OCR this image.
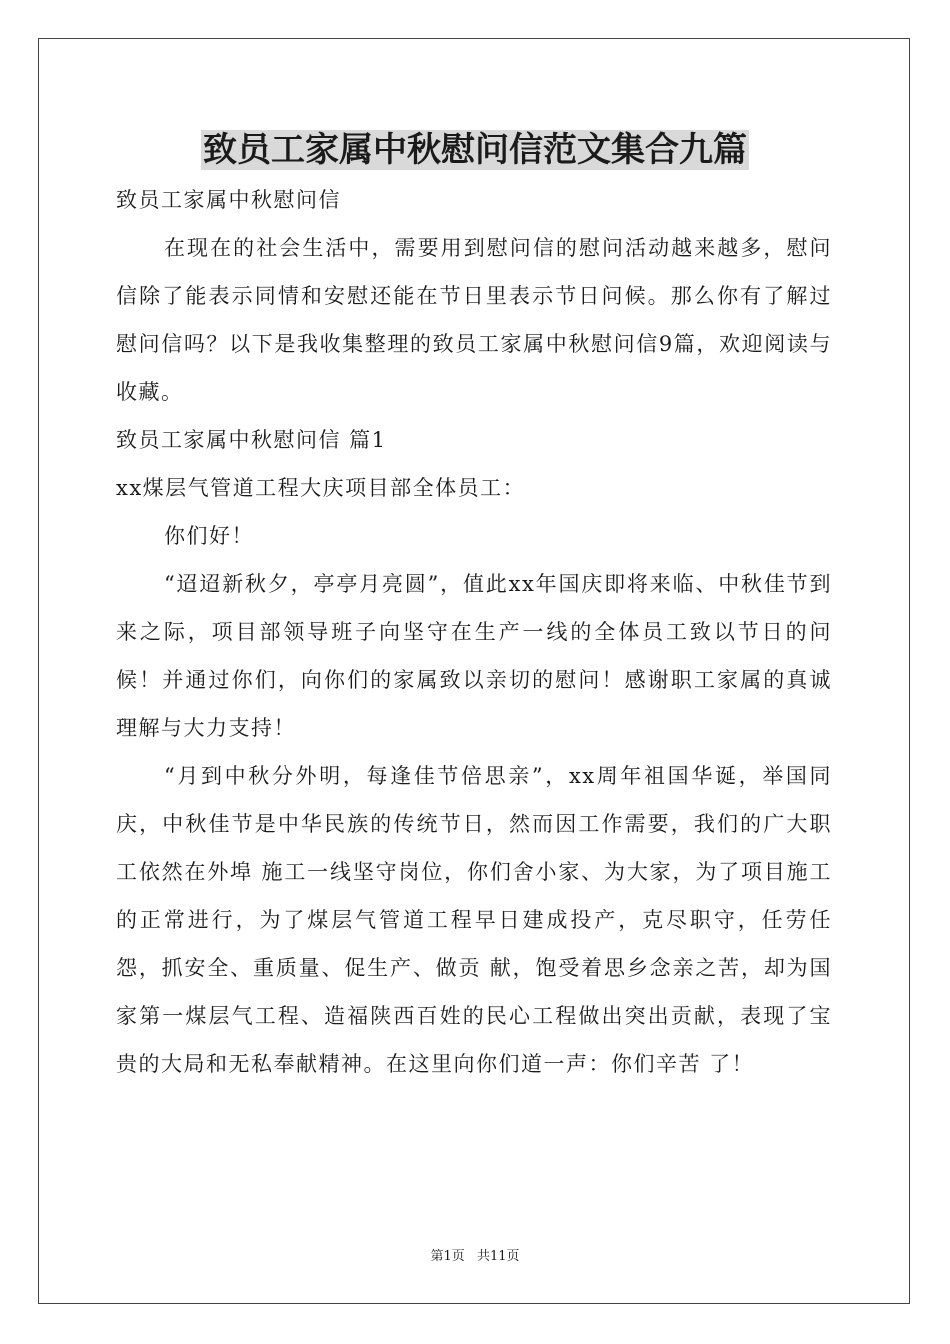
致员工家属中秋慰问信范文集合九篇

致员工家属中秋慰问信

在现在的社会生活中，需要用到慰问信的慰问活动越来越多，慰问信除了能表示同情和安慰还能在节日里表示节日问候。那么你有了解过慰问信吗？以下是我收集整理的致员工家属中秋慰问信9篇，欢迎阅读与收藏。

致员工家属中秋慰问信 篇1

xx煤层气管道工程大庆项目部全体员工：

你们好！

“迢迢新秋夕，亭亭月亮圆”，值此xx年国庆即将来临、中秋佳节到来之际，项目部领导班子向坚守在生产一线的全体员工致以节日的问候！并通过你们，向你们的家属致以亲切的慰问！感谢职工家属的真诚理解与大力支持！

“月到中秋分外明，每逢佳节倍思亲”，xx周年祖国华诞，举国同庆，中秋佳节是中华民族的传统节日，然而因工作需要，我们的广大职工依然在外埠 施工一线坚守岗位，你们舍小家、为大家，为了项目施工的正常进行，为了煤层气管道工程早日建成投产，克尽职守，任劳任怨，抓安全、重质量、促生产、做贡 献，饱受着思乡念亲之苦，却为国家第一煤层气工程、造福陕西百姓的民心工程做出突出贡献，表现了宝贵的大局和无私奉献精神。在这里向你们道一声：你们辛苦 了！

第1页 共11页
